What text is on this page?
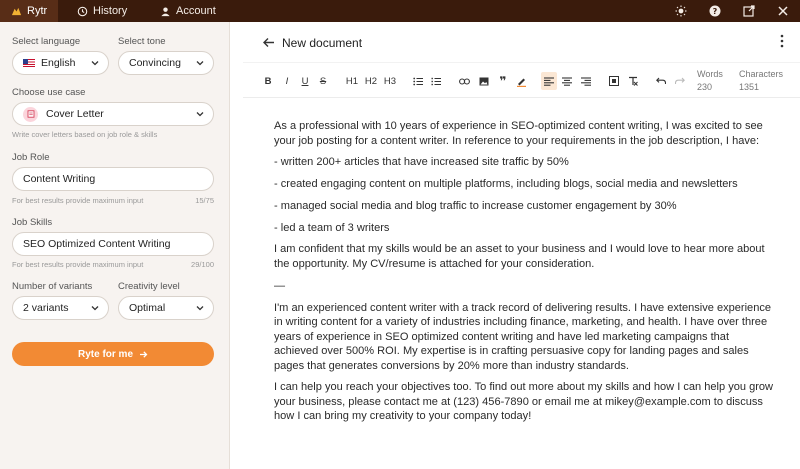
Rytr	History	Account	?
Select language	Select tone
English	Convincing
Choose use case
Cover Letter
Write cover letters based on job role & skills
Job Role
Content Writing
For best results provide maximum input	15/75
Job Skills
SEO Optimized Content Writing
For best results provide maximum input	29/100
Number of variants	Creativity level
2 variants	Optimal
Ryte for me
New document
B	I	U	S	H1 H2 H3	❞	Words
230
Characters
1351

As a professional with 10 years of experience in SEO-optimized content writing, I was excited to see your job posting for a content writer. In reference to your requirements in the job description, I have:

- written 200+ articles that have increased site traffic by 50%

- created engaging content on multiple platforms, including blogs, social media and newsletters

- managed social media and blog traffic to increase customer engagement by 30%

- led a team of 3 writers

I am confident that my skills would be an asset to your business and I would love to hear more about the opportunity. My CV/resume is attached for your consideration.

—

I'm an experienced content writer with a track record of delivering results. I have extensive experience in writing content for a variety of industries including finance, marketing, and health. I have over three years of experience in SEO optimized content writing and have led marketing campaigns that achieved over 500% ROI. My expertise is in crafting persuasive copy for landing pages and sales pages that generates conversions by 20% more than industry standards.

I can help you reach your objectives too. To find out more about my skills and how I can help you grow your business, please contact me at (123) 456-7890 or email me at mikey@example.com to discuss how I can bring my creativity to your company today!
